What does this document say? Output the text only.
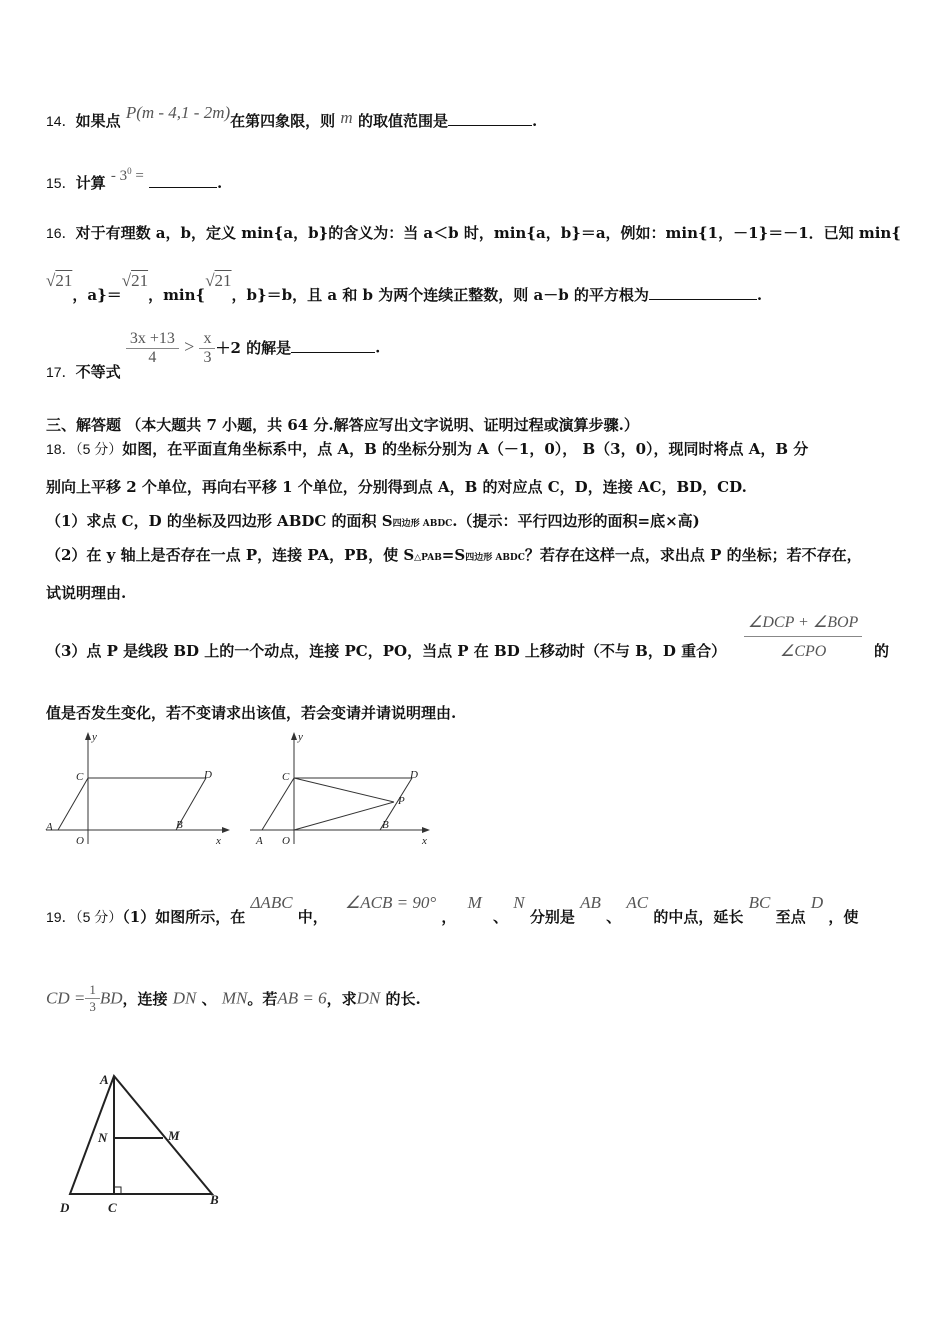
14．如果点 P(m - 4,1 - 2m)在第四象限，则 m 的取值范围是	.
15．计算 - $3^0$ =	.
16．对于有理数 a，b，定义 min{a，b}的含义为：当 a＜b 时，min{a，b}＝a，例如：min{1，－1}＝－1．已知 min{
√21，a}＝√21，min{√21，b}＝b，且 a 和 b 为两个连续正整数，则 a－b 的平方根为	.
17．不等式
$\frac{3x +13}{4} > \frac{x}{3} +2$ 的解是	.
三、解答题 （本大题共 7 小题，共 64 分.解答应写出文字说明、证明过程或演算步骤.）
18．（5 分）如图，在平面直角坐标系中，点 A，B 的坐标分别为 A（－1，0）， B（3，0），现同时将点 A，B 分
别向上平移 2 个单位，再向右平移 1 个单位，分别得到点 A，B 的对应点 C，D，连接 AC，BD，CD.
（1）求点 C，D 的坐标及四边形 ABDC 的面积 S四边形 ABDC.（提示：平行四边形的面积=底×高)
（2）在 y 轴上是否存在一点 P，连接 PA，PB，使 S△PAB=S四边形 ABDC？若存在这样一点，求出点 P 的坐标；若不存在，
试说明理由.
（3）点 P 是线段 BD 上的一个动点，连接 PC，PO，当点 P 在 BD 上移动时（不与 B，D 重合） $\frac{\text{∠DCP + ∠BOP}}{\text{∠CPO}}$ 的
值是否发生变化，若不变请求出该值，若会变请并请说明理由.
y
C	D
A
O
B
x
y
C	D
P
A O
B
x
19．（5 分）（1）如图所示，在 ΔABC 中， ∠ACB = 90° ， M 、 N 分别是 AB 、 AC 的中点，延长 BC 至点 D ，使
CD = $\frac{1}{3}$ BD，连接 DN 、 MN。若AB = 6，求DN 的长.
A
N	M
D	C
B
